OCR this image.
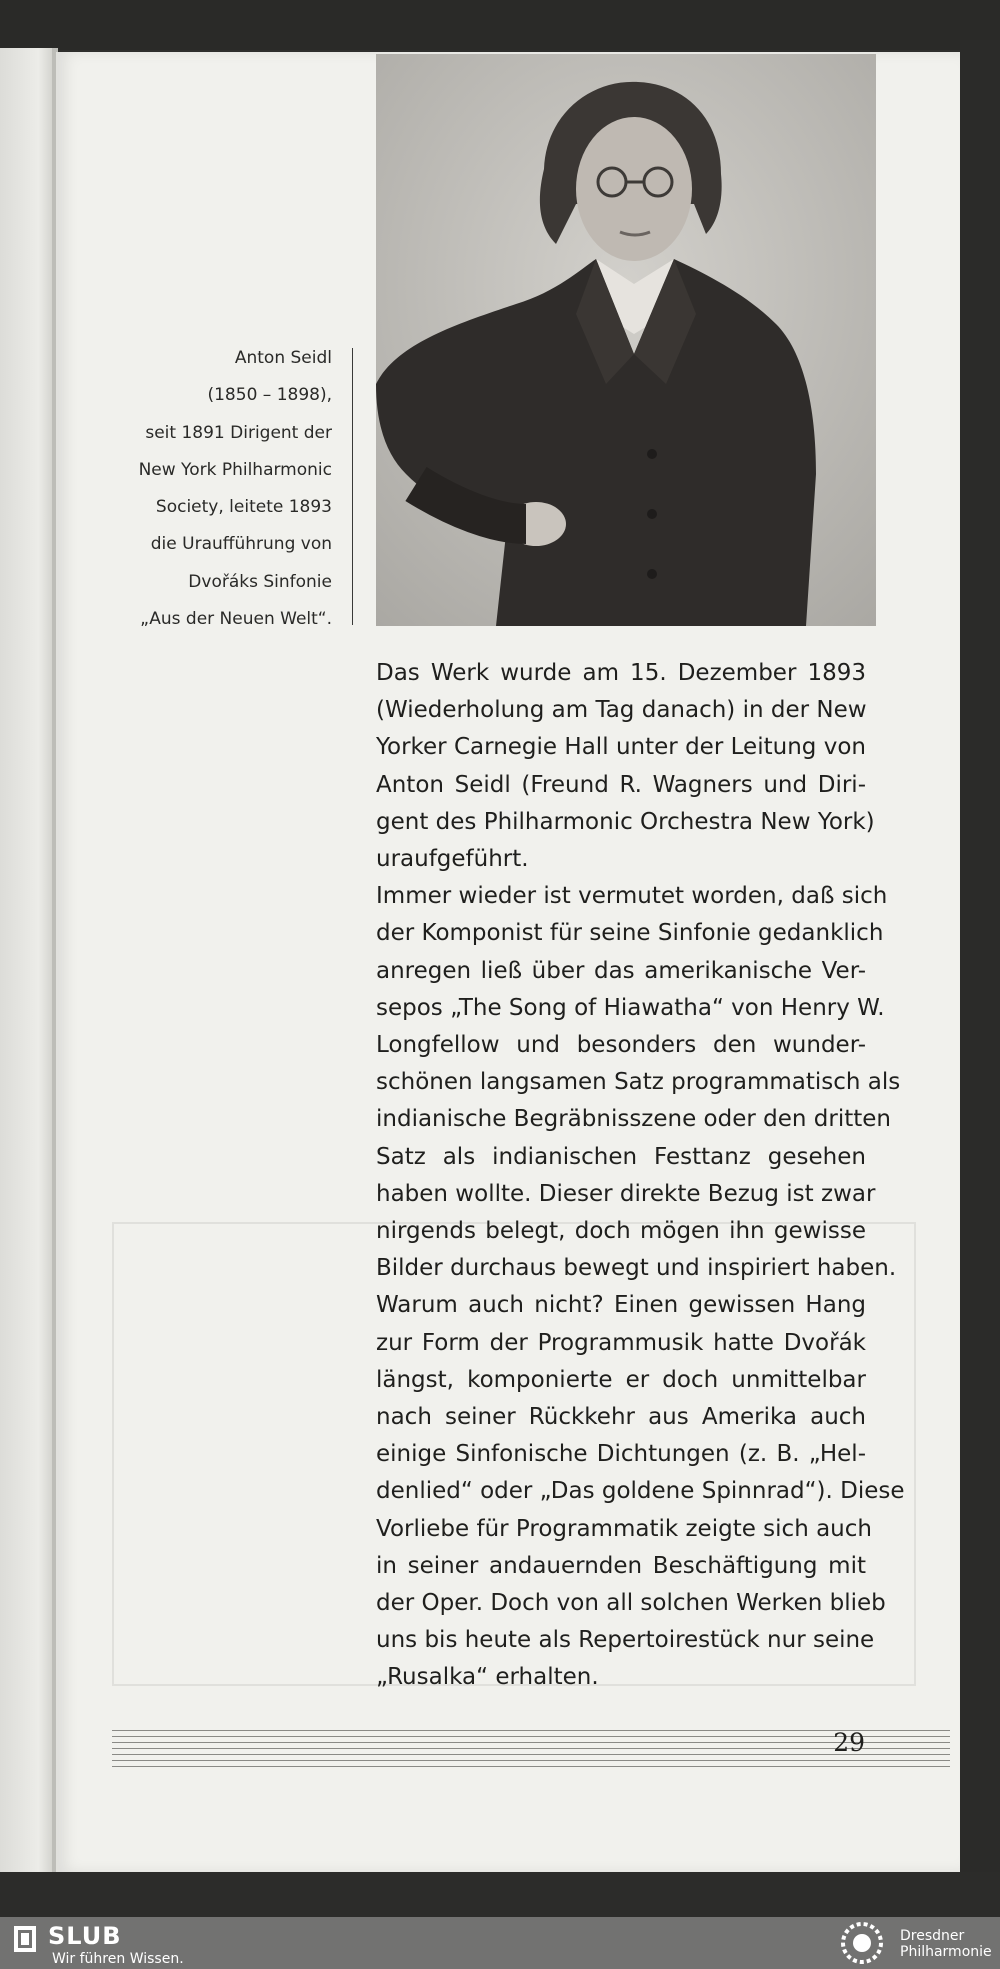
Anton Seidl
(1850 – 1898),
seit 1891 Dirigent der
New York Philharmonic
Society, leitete 1893
die Uraufführung von
Dvořáks Sinfonie
„Aus der Neuen Welt“.
Das Werk wurde am 15. Dezember 1893
(Wiederholung am Tag danach) in der New
Yorker Carnegie Hall unter der Leitung von
Anton Seidl (Freund R. Wagners und Diri-
gent des Philharmonic Orchestra New York)
uraufgeführt.
Immer wieder ist vermutet worden, daß sich
der Komponist für seine Sinfonie gedanklich
anregen ließ über das amerikanische Ver-
sepos „The Song of Hiawatha“ von Henry W.
Longfellow und besonders den wunder-
schönen langsamen Satz programmatisch als
indianische Begräbnisszene oder den dritten
Satz als indianischen Festtanz gesehen
haben wollte. Dieser direkte Bezug ist zwar
nirgends belegt, doch mögen ihn gewisse
Bilder durchaus bewegt und inspiriert haben.
Warum auch nicht? Einen gewissen Hang
zur Form der Programmusik hatte Dvořák
längst, komponierte er doch unmittelbar
nach seiner Rückkehr aus Amerika auch
einige Sinfonische Dichtungen (z. B. „Hel-
denlied“ oder „Das goldene Spinnrad“). Diese
Vorliebe für Programmatik zeigte sich auch
in seiner andauernden Beschäftigung mit
der Oper. Doch von all solchen Werken blieb
uns bis heute als Repertoirestück nur seine
„Rusalka“ erhalten.
29
SLUB
Wir führen Wissen.
Dresdner
Philharmonie
